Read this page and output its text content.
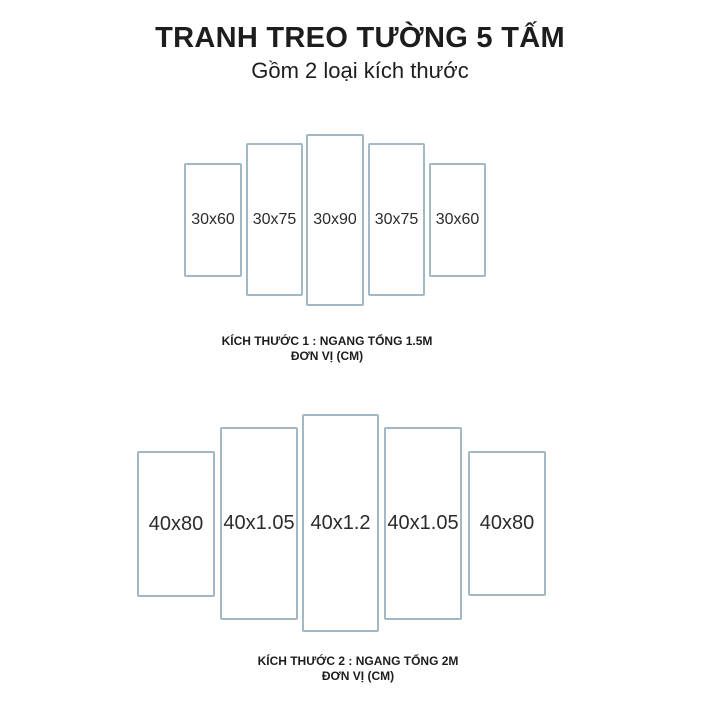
TRANH TREO TƯỜNG 5 TẤM
Gồm 2 loại kích thước
30x60 30x75 30x90 30x75 30x60
KÍCH THƯỚC 1 : NGANG TỔNG 1.5M
ĐƠN VỊ (CM)
40x80 40x1.05 40x1.2 40x1.05 40x80
KÍCH THƯỚC 2 : NGANG TỔNG 2M
ĐƠN VỊ (CM)
